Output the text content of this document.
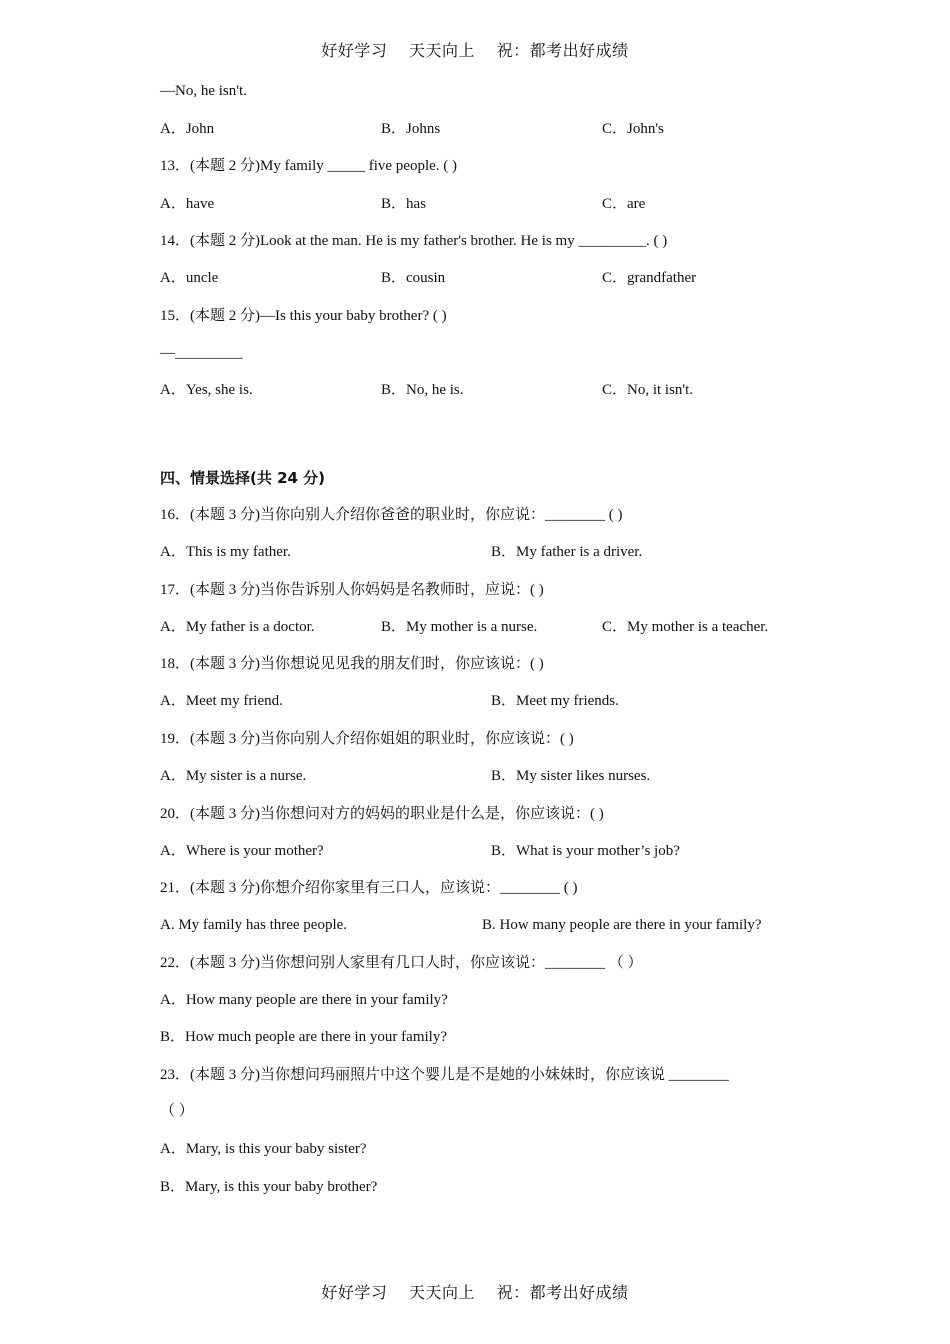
好好学习 天天向上 祝：都考出好成绩
—No, he isn't.
A．John	B．Johns	C．John's
13．(本题 2 分)My family _____ five people. ( )
A．have	B．has	C．are
14．(本题 2 分)Look at the man. He is my father's brother. He is my _________. ( )
A．uncle	B．cousin	C．grandfather
15．(本题 2 分)—Is this your baby brother? ( )
—_________
A．Yes, she is.	B．No, he is.	C．No, it isn't.
四、情景选择(共 24 分)
16．(本题 3 分)当你向别人介绍你爸爸的职业时，你应说：________ ( )
A．This is my father.	B．My father is a driver.
17．(本题 3 分)当你告诉别人你妈妈是名教师时，应说：( )
A．My father is a doctor.	B．My mother is a nurse.	C．My mother is a teacher.
18．(本题 3 分)当你想说见见我的朋友们时，你应该说：( )
A．Meet my friend.	B．Meet my friends.
19．(本题 3 分)当你向别人介绍你姐姐的职业时，你应该说：( )
A．My sister is a nurse.	B．My sister likes nurses.
20．(本题 3 分)当你想问对方的妈妈的职业是什么是，你应该说：( )
A．Where is your mother?	B．What is your mother’s job?
21．(本题 3 分)你想介绍你家里有三口人，应该说：________ ( )
A. My family has three people.	B. How many people are there in your family?
22．(本题 3 分)当你想问别人家里有几口人时，你应该说：________ （ ）
A．How many people are there in your family?
B．How much people are there in your family?
23．(本题 3 分)当你想问玛丽照片中这个婴儿是不是她的小妹妹时，你应该说 ________
（ ）
A．Mary, is this your baby sister?
B．Mary, is this your baby brother?
好好学习 天天向上 祝：都考出好成绩
